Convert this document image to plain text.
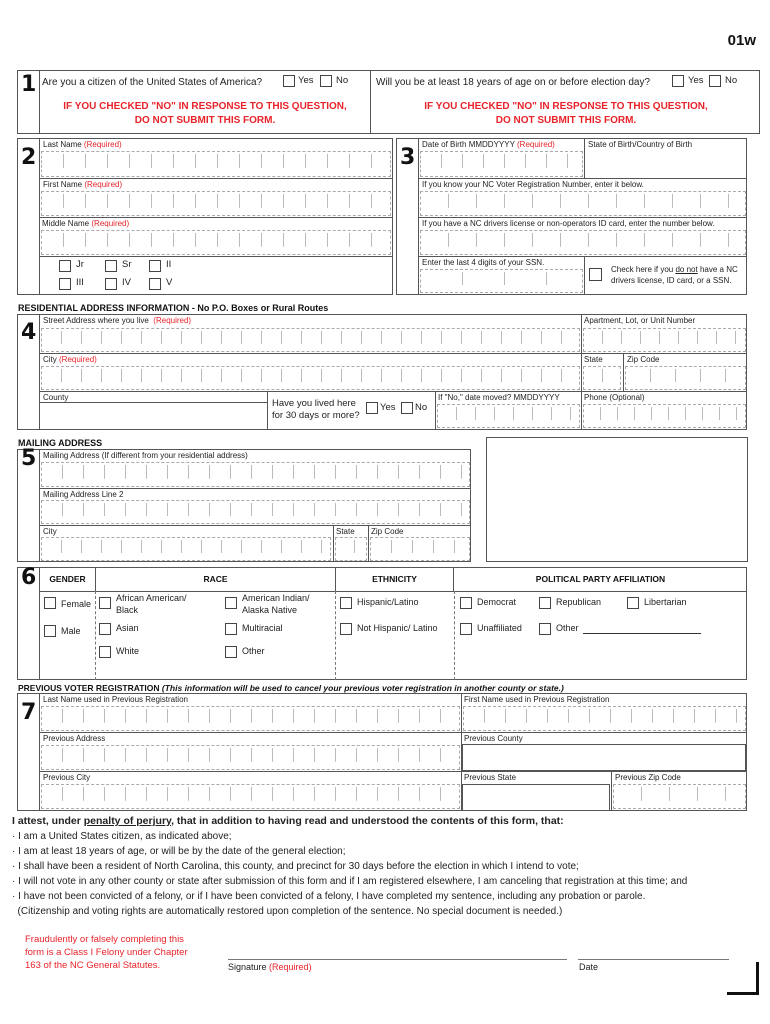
01w
1 Are you a citizen of the United States of America?	Yes No
IF YOU CHECKED "NO" IN RESPONSE TO THIS QUESTION,
DO NOT SUBMIT THIS FORM.
Will you be at least 18 years of age on or before election day?	Yes No
IF YOU CHECKED "NO" IN RESPONSE TO THIS QUESTION,
DO NOT SUBMIT THIS FORM.
2
Last Name (Required)
First Name (Required)
Middle Name (Required)
Jr	Sr	II
III	IV	V
3
Date of Birth MMDDYYYY (Required)	State of Birth/Country of Birth
If you know your NC Voter Registration Number, enter it below.
If you have a NC drivers license or non-operators ID card, enter the number below.
Enter the last 4 digits of your SSN.
Check here if you do not have a NC
drivers license, ID card, or a SSN.
RESIDENTIAL ADDRESS INFORMATION - No P.O. Boxes or Rural Routes
4 Street Address where you live (Required)	Apartment, Lot, or Unit Number
City (Required)	State	Zip Code
County
Have you lived here
for 30 days or more?
Yes No
If "No," date moved? MMDDYYYY	Phone (Optional)
MAILING ADDRESS
5 Mailing Address (If different from your residential address)
Mailing Address Line 2
City	State Zip Code
6	GENDER	RACE	ETHNICITY	POLITICAL PARTY AFFILIATION
Female
Male
African American/
Black
American Indian/
Alaska Native
Asian	Multiracial
White	Other
Hispanic/Latino
Not Hispanic/ Latino
Democrat	Republican	Libertarian
Unaffiliated	Other
PREVIOUS VOTER REGISTRATION (This information will be used to cancel your previous voter registration in another county or state.)
7
Last Name used in Previous Registration	First Name used in Previous Registration
Previous Address	Previous County
Previous City	Previous State	Previous Zip Code
I attest, under penalty of perjury, that in addition to having read and understood the contents of this form, that:
· I am a United States citizen, as indicated above;
· I am at least 18 years of age, or will be by the date of the general election;
· I shall have been a resident of North Carolina, this county, and precinct for 30 days before the election in which I intend to vote;
· I will not vote in any other county or state after submission of this form and if I am registered elsewhere, I am canceling that registration at this time; and
· I have not been convicted of a felony, or if I have been convicted of a felony, I have completed my sentence, including any probation or parole.
(Citizenship and voting rights are automatically restored upon completion of the sentence. No special document is needed.)
Fraudulently or falsely completing this
form is a Class I Felony under Chapter
163 of the NC General Statutes.	Signature (Required)	Date
